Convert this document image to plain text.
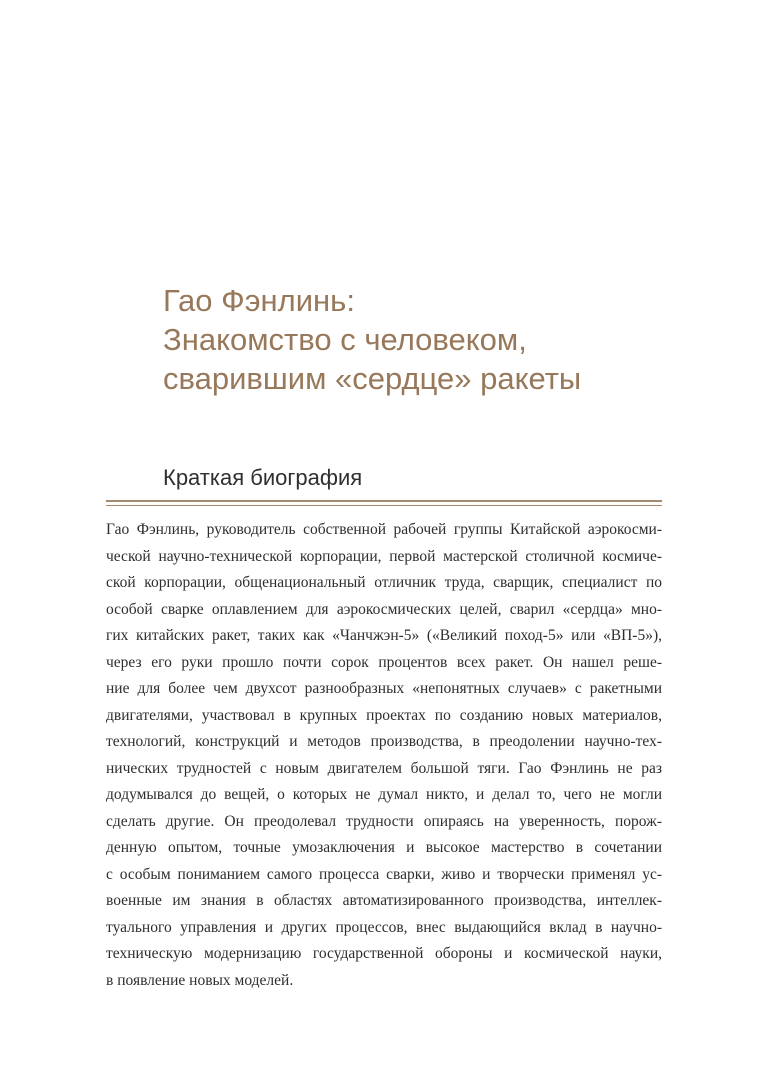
Гао Фэнлинь:
Знакомство с человеком,
сварившим «сердце» ракеты
Краткая биография
Гао Фэнлинь, руководитель собственной рабочей группы Китайской аэрокосми-
ческой научно-технической корпорации, первой мастерской столичной космиче-
ской корпорации, общенациональный отличник труда, сварщик, специалист по
особой сварке оплавлением для аэрокосмических целей, сварил «сердца» мно-
гих китайских ракет, таких как «Чанчжэн-5» («Великий поход-5» или «ВП-5»),
через его руки прошло почти сорок процентов всех ракет. Он нашел реше-
ние для более чем двухсот разнообразных «непонятных случаев» с ракетными
двигателями, участвовал в крупных проектах по созданию новых материалов,
технологий, конструкций и методов производства, в преодолении научно-тех-
нических трудностей с новым двигателем большой тяги. Гао Фэнлинь не раз
додумывался до вещей, о которых не думал никто, и делал то, чего не могли
сделать другие. Он преодолевал трудности опираясь на уверенность, порож-
денную опытом, точные умозаключения и высокое мастерство в сочетании
с особым пониманием самого процесса сварки, живо и творчески применял ус-
военные им знания в областях автоматизированного производства, интеллек-
туального управления и других процессов, внес выдающийся вклад в научно-
техническую модернизацию государственной обороны и космической науки,
в появление новых моделей.
